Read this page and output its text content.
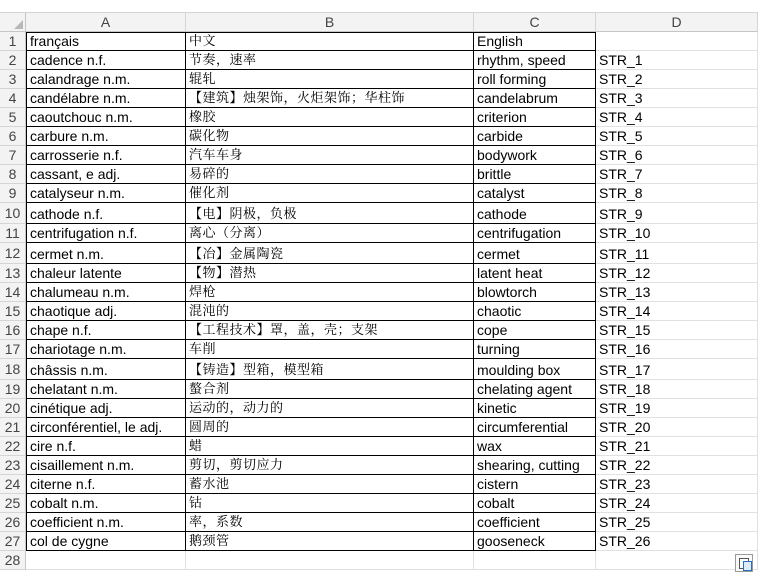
A	B	C	D
1
2
3
4
5
6
7
8
9
10
11
12
13
14
15
16
17
18
19
20
21
22
23
24
25
26
27
28
français	中文	English
cadence n.f.	节奏，速率	rhythm, speed	STR_1
calandrage n.m.	辊轧	roll forming	STR_2
candélabre n.m.	【建筑】烛架饰，火炬架饰；华柱饰	candelabrum	STR_3
caoutchouc n.m.	橡胶	criterion	STR_4
carbure n.m.	碳化物	carbide	STR_5
carrosserie n.f.	汽车车身	bodywork	STR_6
cassant, e adj.	易碎的	brittle	STR_7
catalyseur n.m.	催化剂	catalyst	STR_8
cathode n.f.	【电】阴极，负极	cathode	STR_9
centrifugation n.f.	离心（分离）	centrifugation	STR_10
cermet n.m.	【冶】金属陶瓷	cermet	STR_11
chaleur latente	【物】潜热	latent heat	STR_12
chalumeau n.m.	焊枪	blowtorch	STR_13
chaotique adj.	混沌的	chaotic	STR_14
chape n.f.	【工程技术】罩，盖，壳；支架	cope	STR_15
chariotage n.m.	车削	turning	STR_16
châssis n.m.	【铸造】型箱，模型箱	moulding box	STR_17
chelatant n.m.	螯合剂	chelating agent	STR_18
cinétique adj.	运动的，动力的	kinetic	STR_19
circonférentiel, le adj.	圆周的	circumferential	STR_20
cire n.f.	蜡	wax	STR_21
cisaillement n.m.	剪切，剪切应力	shearing, cutting	STR_22
citerne n.f.	蓄水池	cistern	STR_23
cobalt n.m.	钴	cobalt	STR_24
coefficient n.m.	率，系数	coefficient	STR_25
col de cygne	鹅颈管	gooseneck	STR_26
